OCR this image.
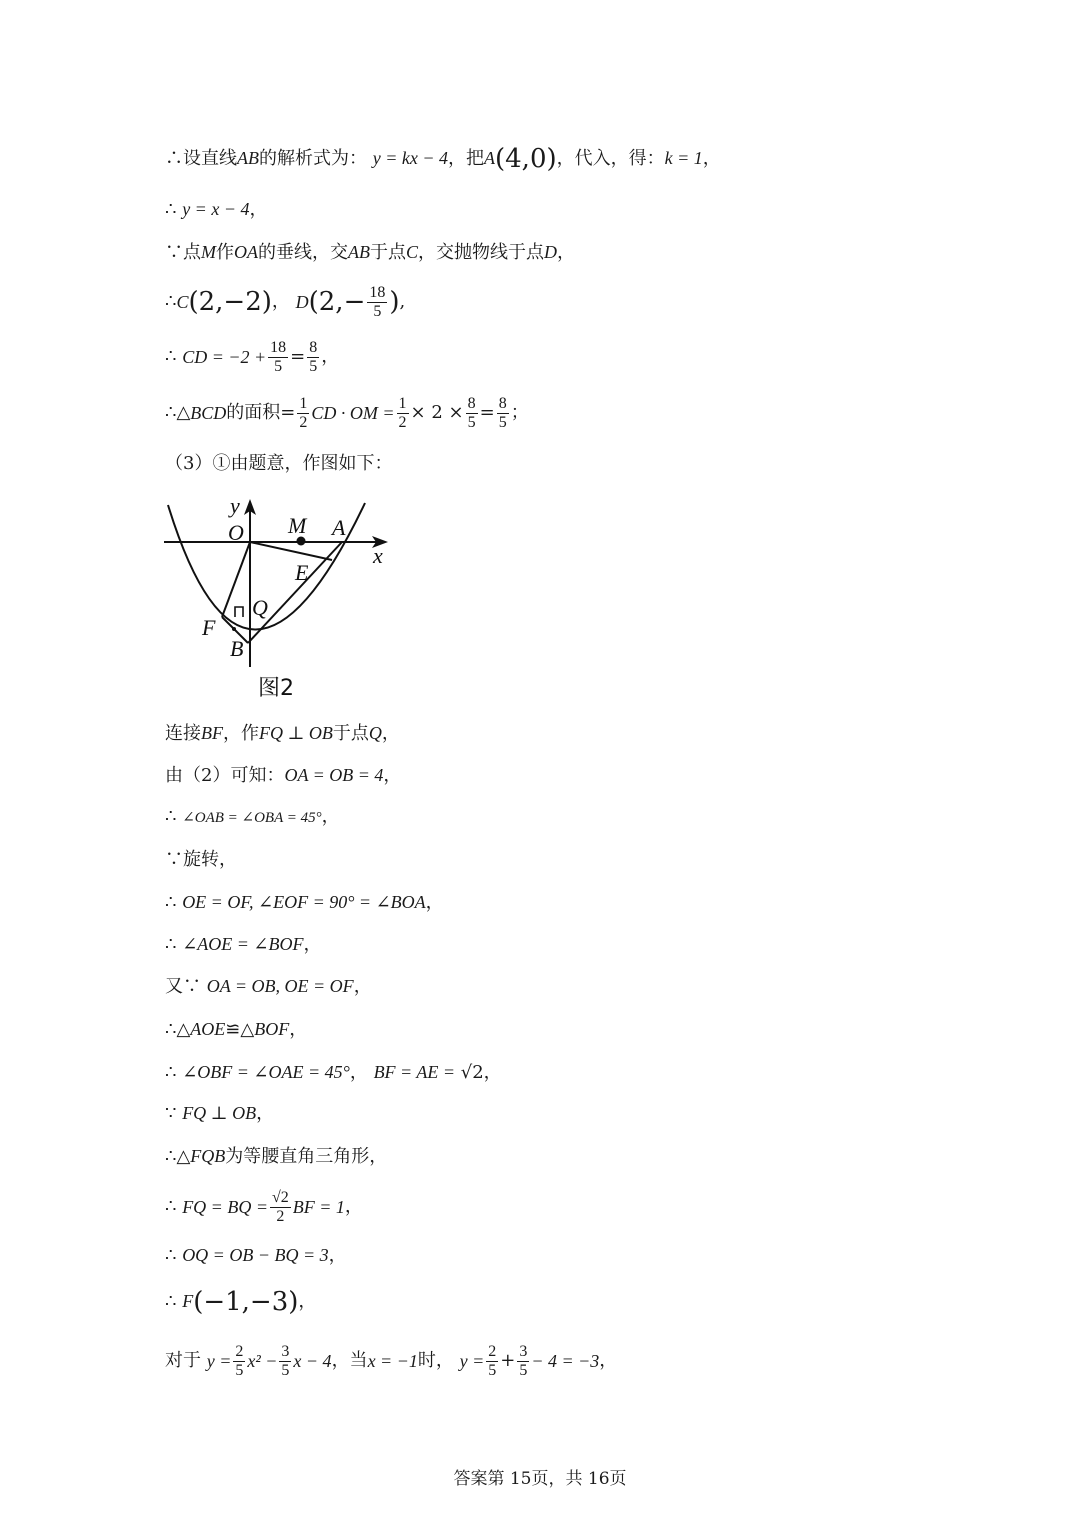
∴设直线AB的解析式为： y = kx − 4，把A(4,0)，代入，得：k = 1，
∴ y = x − 4，
∵点M作OA的垂线，交AB于点C，交抛物线于点D，
∴ C (2,−2) ，
D ($2,- \frac{18}{5}$ ) ,
∴
CD = $-2 + \frac{18}{5} = \frac{8}{5}$ ，
∴△ BCD 的面积 = $\frac{1}{2}$ CD · OM = $\frac{1}{2} \times 2 \times \frac{8}{5} = \frac{8}{5}$ ；
（3）①由题意，作图如下：
y
O M A
x
E
Q
F
B
图2
连接BF，作FQ ⊥ OB于点Q，
由（2）可知：OA = OB = 4，
∴ ∠OAB = ∠OBA = 45°，
∵旋转，
∴ OE = OF, ∠EOF = 90° = ∠BOA，
∴ ∠AOE = ∠BOF，
又∵ OA = OB, OE = OF，
∴△AOE≌△BOF，
∴ ∠OBF = ∠OAE = 45°， BF = AE = √2，
∵ FQ ⊥ OB，
∴△FQB为等腰直角三角形，
∴
FQ = BQ = $\frac{√2}{2}$ BF = 1 ，
∴ OQ = OB − BQ = 3，
∴ F(−1,−3)，
对于
$y = \frac{2}{5} x^2 - \frac{3}{5}$ x − 4 ，当 x = −1 时，
$y = \frac{2}{5} + \frac{3}{5} - 4 = -3$ ，
答案第 15页，共 16页
